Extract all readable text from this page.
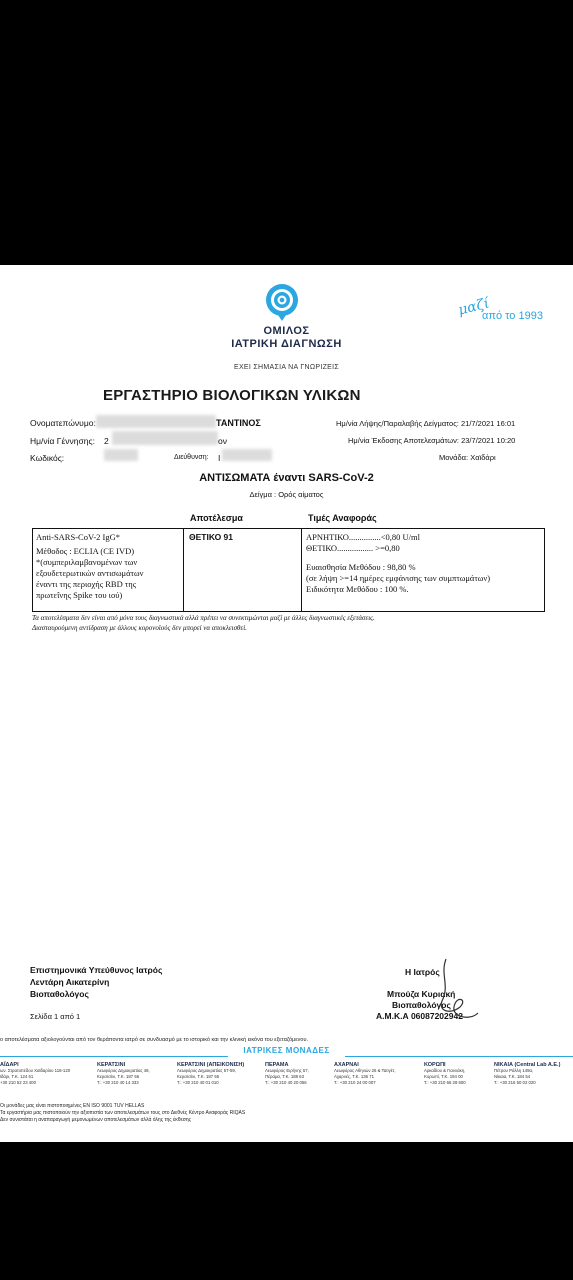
ΟΜΙΛΟΣ
ΙΑΤΡΙΚΗ ΔΙΑΓΝΩΣΗ
ΕΧΕΙ ΣΗΜΑΣΙΑ ΝΑ ΓΝΩΡΙΖΕΙΣ
μαζί
από το 1993
ΕΡΓΑΣΤΗΡΙΟ ΒΙΟΛΟΓΙΚΩΝ ΥΛΙΚΩΝ
Ονοματεπώνυμο:	ΤΑΝΤΙΝΟΣ
Ημ/νία Γέννησης: 2	ον
Κωδικός:	Διεύθυνση: Ι
Ημ/νία Λήψης/Παραλαβής Δείγματος: 21/7/2021 16:01
Ημ/νία Έκδοσης Αποτελεσμάτων: 23/7/2021 10:20
Μονάδα: Χαϊδάρι
ΑΝΤΙΣΩΜΑΤΑ έναντι SARS-CoV-2
Δείγμα : Ορός αίματος
Αποτέλεσμα	Τιμές Αναφοράς
Anti-SARS-CoV-2 IgG*
Μέθοδος : ECLIA (CE IVD)
*(συμπεριλαμβανομένων των
εξουδετερωτικών αντισωμάτων
έναντι της περιοχής RBD της
πρωτεΐνης Spike του ιού)
ΘΕΤΙΚΟ 91	ΑΡΝΗΤΙΚΟ...............<0,80 U/ml
ΘΕΤΙΚΟ................. >=0,80
Ευαισθησία Μεθόδου : 98,80 %
(σε λήψη >=14 ημέρες εμφάνισης των συμπτωμάτων)
Ειδικότητα Μεθόδου : 100 %.
Τα αποτελέσματα δεν είναι από μόνα τους διαγνωστικά αλλά πρέπει να συνεκτιμώνται μαζί με άλλες διαγνωστικές εξετάσεις.
Διασταυρούμενη αντίδραση με άλλους κορονοϊούς δεν μπορεί να αποκλεισθεί.
Επιστημονικά Υπεύθυνος Ιατρός
Λεντάρη Αικατερίνη
Βιοπαθολόγος
Η Ιατρός
Μπούζα Κυριακή
Βιοπαθολόγος
Α.Μ.Κ.Α 06087202942
Σελίδα 1 από 1
ο αποτελέσματα αξιολογούνται από τον θεράποντα ιατρό σε συνδυασμό με το ιστορικό και την κλινική εικόνα του εξεταζόμενου.
ΙΑΤΡΙΚΕΣ ΜΟΝΑΔΕΣ
ΑΪΔΑΡΙ
ων. Στρατοπέδου Χαϊδαρίου 118-120
ϊδάρι, Τ.Κ. 124 61
+30 210 52 23 400
ΚΕΡΑΤΣΙΝΙ
Λεωφόρος Δημοκρατίας 48,
Κερατσίνι, Τ.Κ. 187 56
T.: +30 210 40 14 333
ΚΕΡΑΤΣΙΝΙ (ΑΠΕΙΚΟΝΙΣΗ)
Λεωφόρος Δημοκρατίας 57-59,
Κερατσίνι, Τ.Κ. 187 55
T.: +30 210 40 01 010
ΠΕΡΑΜΑ
Λεωφόρος Ειρήνης 57,
Πέραμα, Τ.Κ. 188 63
T.: +30 210 40 20 056
ΑΧΑΡΝΑΙ
Λεωφόρος Αθηνών 26 & Ταϋγέτ,
Αχαρνές, Τ.Κ. 136 71
T.: +30 210 24 00 007
ΚΟΡΩΠΙ
Αρκαδίου & Γιαννάκη,
Κορωπί, Τ.Κ. 194 00
T.: +30 210 66 28 600
ΝΙΚΑΙΑ (Central Lab A.E.)
Πέτρου Ράλλη 149α,
Νίκαια, Τ.Κ. 184 54
T.: +30 216 50 02 020
Οι μονάδες μας είναι πιστοποιημένες EN ISO 9001 TUV HELLAS
Τα εργαστήρια μας πιστοποιούν την αξιοπιστία των αποτελεσμάτων τους στο Διεθνές Κέντρο Αναφοράς RIQAS
Δεν συνιστάται η αναπαραγωγή μεμονωμένων αποτελεσμάτων αλλά όλης της έκθεσης
